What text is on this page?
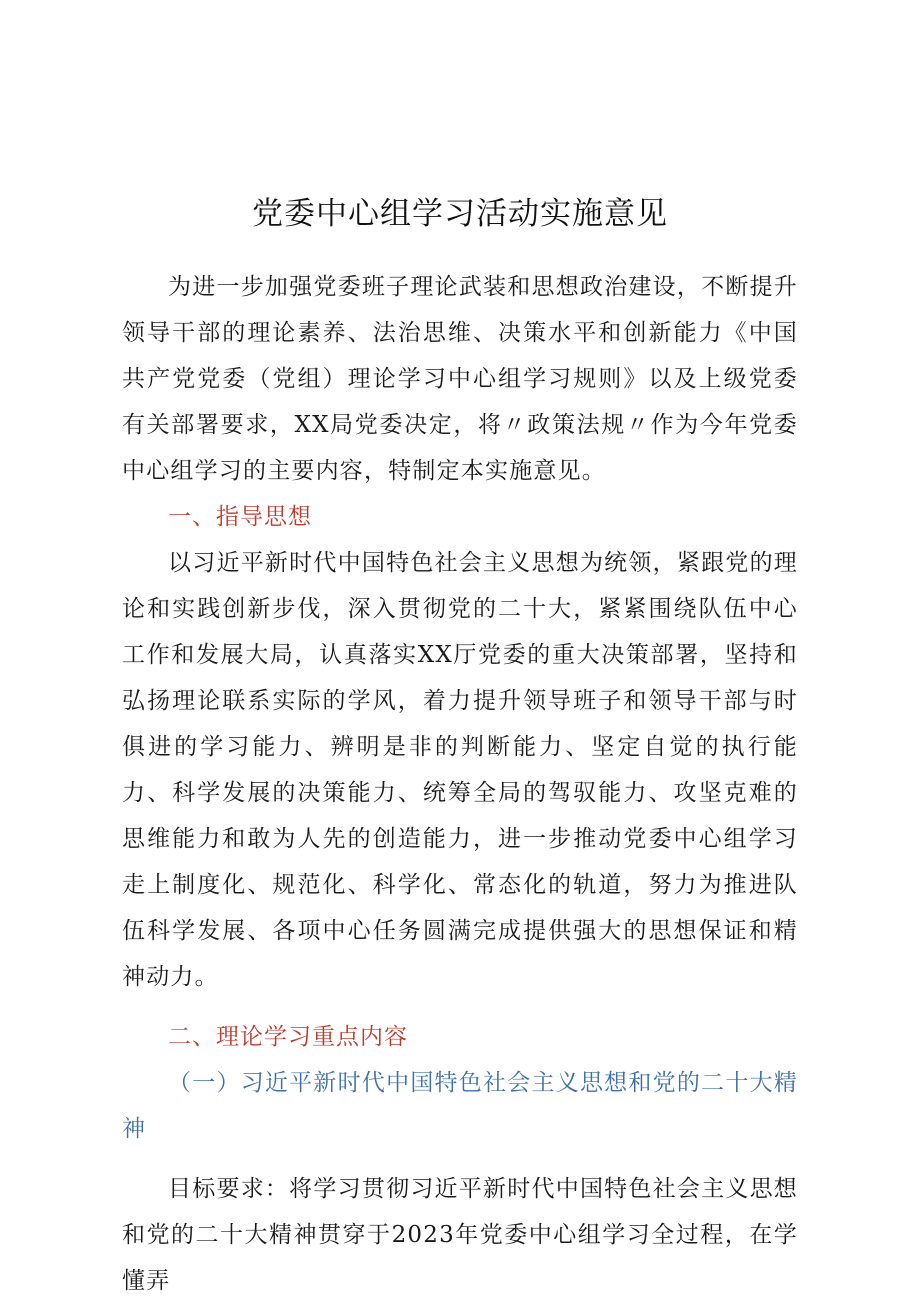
党委中心组学习活动实施意见

为进一步加强党委班子理论武装和思想政治建设，不断提升领导干部的理论素养、法治思维、决策水平和创新能力《中国共产党党委（党组）理论学习中心组学习规则》以及上级党委有关部署要求，XX局党委决定，将〃政策法规〃作为今年党委中心组学习的主要内容，特制定本实施意见。

一、指导思想

以习近平新时代中国特色社会主义思想为统领，紧跟党的理论和实践创新步伐，深入贯彻党的二十大，紧紧围绕队伍中心工作和发展大局，认真落实XX厅党委的重大决策部署，坚持和弘扬理论联系实际的学风，着力提升领导班子和领导干部与时俱进的学习能力、辨明是非的判断能力、坚定自觉的执行能力、科学发展的决策能力、统筹全局的驾驭能力、攻坚克难的思维能力和敢为人先的创造能力，进一步推动党委中心组学习走上制度化、规范化、科学化、常态化的轨道，努力为推进队伍科学发展、各项中心任务圆满完成提供强大的思想保证和精神动力。

二、理论学习重点内容

（一）习近平新时代中国特色社会主义思想和党的二十大精神

目标要求：将学习贯彻习近平新时代中国特色社会主义思想和党的二十大精神贯穿于2023年党委中心组学习全过程，在学懂弄
